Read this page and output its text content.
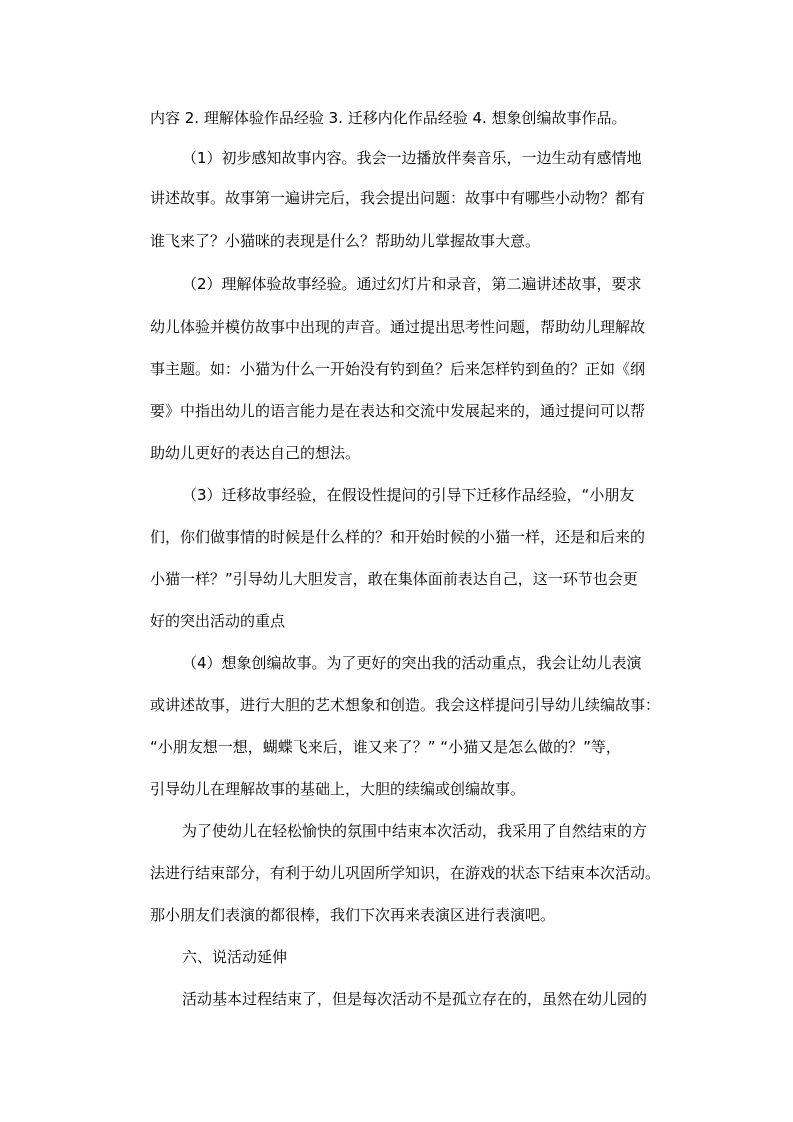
内容 2. 理解体验作品经验 3. 迁移内化作品经验 4. 想象创编故事作品。
（1）初步感知故事内容。我会一边播放伴奏音乐，一边生动有感情地
讲述故事。故事第一遍讲完后，我会提出问题：故事中有哪些小动物？都有
谁飞来了？小猫咪的表现是什么？帮助幼儿掌握故事大意。
（2）理解体验故事经验。通过幻灯片和录音，第二遍讲述故事，要求
幼儿体验并模仿故事中出现的声音。通过提出思考性问题，帮助幼儿理解故
事主题。如：小猫为什么一开始没有钓到鱼？后来怎样钓到鱼的？正如《纲
要》中指出幼儿的语言能力是在表达和交流中发展起来的，通过提问可以帮
助幼儿更好的表达自己的想法。
（3）迁移故事经验，在假设性提问的引导下迁移作品经验，“小朋友
们，你们做事情的时候是什么样的？和开始时候的小猫一样，还是和后来的
小猫一样？”引导幼儿大胆发言，敢在集体面前表达自己，这一环节也会更
好的突出活动的重点
（4）想象创编故事。为了更好的突出我的活动重点，我会让幼儿表演
或讲述故事，进行大胆的艺术想象和创造。我会这样提问引导幼儿续编故事：
“小朋友想一想，蝴蝶飞来后，谁又来了？” “小猫又是怎么做的？”等，
引导幼儿在理解故事的基础上，大胆的续编或创编故事。
为了使幼儿在轻松愉快的氛围中结束本次活动，我采用了自然结束的方
法进行结束部分，有利于幼儿巩固所学知识，在游戏的状态下结束本次活动。
那小朋友们表演的都很棒，我们下次再来表演区进行表演吧。
六、说活动延伸
活动基本过程结束了，但是每次活动不是孤立存在的，虽然在幼儿园的
